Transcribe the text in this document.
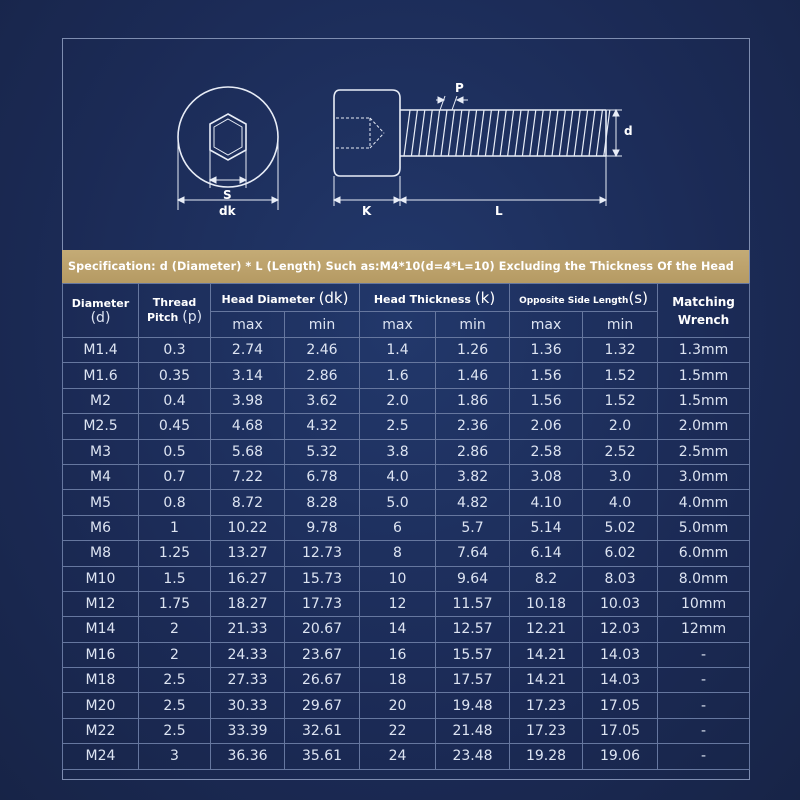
S
dk
P
d
K	L
Specification: d (Diameter) * L (Length) Such as:M4*10(d=4*L=10) Excluding the Thickness Of the Head
Diameter
(d)	Thread
Pitch (p)	Head Diameter (dk)		Head Thickness (k)		Opposite Side Length(s)		Matching
Wrench

		max	min	max	min	max	min	
M1.4	0.3	2.74	2.46	1.4	1.26	1.36	1.32	1.3mm
M1.6	0.35	3.14	2.86	1.6	1.46	1.56	1.52	1.5mm
M2	0.4	3.98	3.62	2.0	1.86	1.56	1.52	1.5mm
M2.5	0.45	4.68	4.32	2.5	2.36	2.06	2.0	2.0mm
M3	0.5	5.68	5.32	3.8	2.86	2.58	2.52	2.5mm
M4	0.7	7.22	6.78	4.0	3.82	3.08	3.0	3.0mm
M5	0.8	8.72	8.28	5.0	4.82	4.10	4.0	4.0mm
M6	1	10.22	9.78	6	5.7	5.14	5.02	5.0mm
M8	1.25	13.27	12.73	8	7.64	6.14	6.02	6.0mm
M10	1.5	16.27	15.73	10	9.64	8.2	8.03	8.0mm
M12	1.75	18.27	17.73	12	11.57	10.18	10.03	10mm
M14	2	21.33	20.67	14	12.57	12.21	12.03	12mm
M16	2	24.33	23.67	16	15.57	14.21	14.03	-
M18	2.5	27.33	26.67	18	17.57	14.21	14.03	-
M20	2.5	30.33	29.67	20	19.48	17.23	17.05	-
M22	2.5	33.39	32.61	22	21.48	17.23	17.05	-
M24	3	36.36	35.61	24	23.48	19.28	19.06	-
